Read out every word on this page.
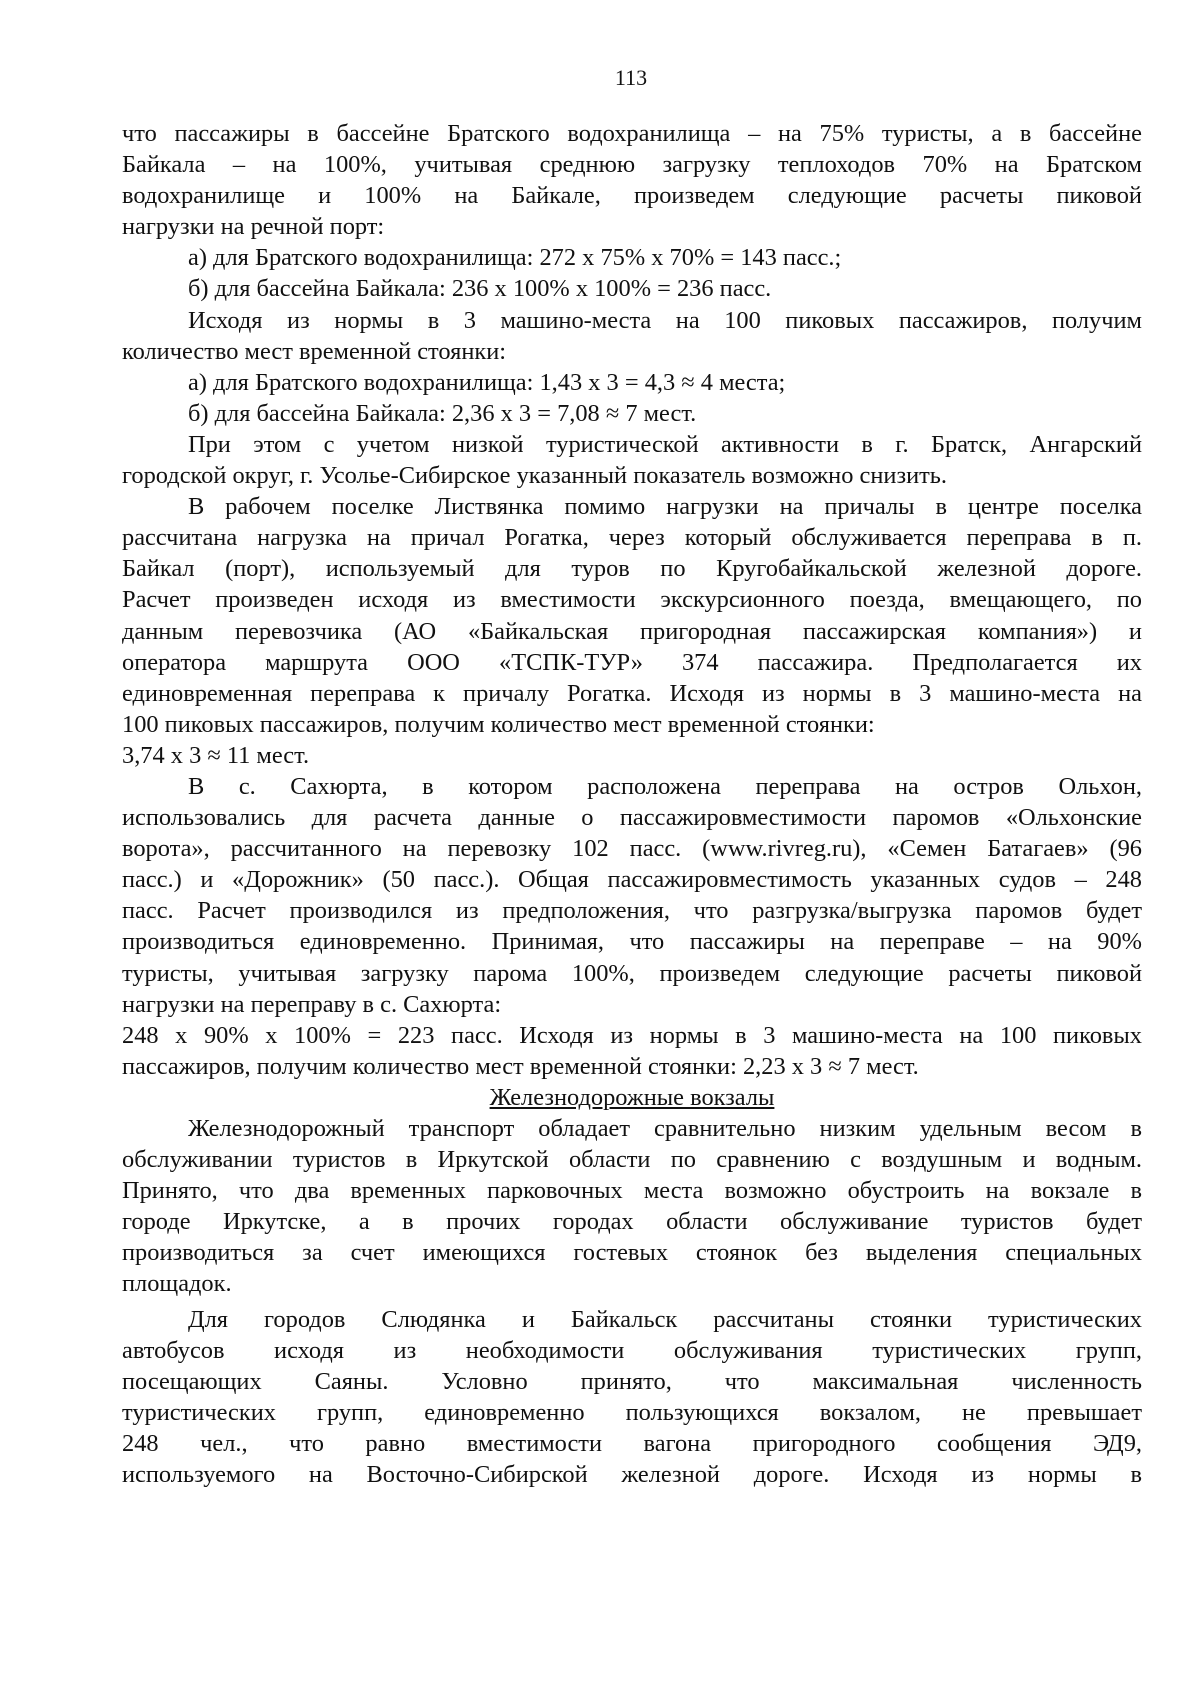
113
что пассажиры в бассейне Братского водохранилища – на 75% туристы, а в бассейне
Байкала – на 100%, учитывая среднюю загрузку теплоходов 70% на Братском
водохранилище и 100% на Байкале, произведем следующие расчеты пиковой
нагрузки на речной порт:
а) для Братского водохранилища: 272 х 75% х 70% = 143 пасс.;
б) для бассейна Байкала: 236 х 100% х 100% = 236 пасс.
Исходя из нормы в 3 машино-места на 100 пиковых пассажиров, получим
количество мест временной стоянки:
а) для Братского водохранилища: 1,43 х 3 = 4,3 ≈ 4 места;
б) для бассейна Байкала: 2,36 х 3 = 7,08 ≈ 7 мест.
При этом с учетом низкой туристической активности в г. Братск, Ангарский
городской округ, г. Усолье-Сибирское указанный показатель возможно снизить.
В рабочем поселке Листвянка помимо нагрузки на причалы в центре поселка
рассчитана нагрузка на причал Рогатка, через который обслуживается переправа в п.
Байкал (порт), используемый для туров по Кругобайкальской железной дороге.
Расчет произведен исходя из вместимости экскурсионного поезда, вмещающего, по
данным перевозчика (АО «Байкальская пригородная пассажирская компания») и
оператора маршрута ООО «ТСПК-ТУР» 374 пассажира. Предполагается их
единовременная переправа к причалу Рогатка. Исходя из нормы в 3 машино-места на
100 пиковых пассажиров, получим количество мест временной стоянки:
3,74 х 3 ≈ 11 мест.
В с. Сахюрта, в котором расположена переправа на остров Ольхон,
использовались для расчета данные о пассажировместимости паромов «Ольхонские
ворота», рассчитанного на перевозку 102 пасс. (www.rivreg.ru), «Семен Батагаев» (96
пасс.) и «Дорожник» (50 пасс.). Общая пассажировместимость указанных судов – 248
пасс. Расчет производился из предположения, что разгрузка/выгрузка паромов будет
производиться единовременно. Принимая, что пассажиры на переправе – на 90%
туристы, учитывая загрузку парома 100%, произведем следующие расчеты пиковой
нагрузки на переправу в с. Сахюрта:
248 х 90% х 100% = 223 пасс. Исходя из нормы в 3 машино-места на 100 пиковых
пассажиров, получим количество мест временной стоянки: 2,23 х 3 ≈ 7 мест.
Железнодорожные вокзалы
Железнодорожный транспорт обладает сравнительно низким удельным весом в
обслуживании туристов в Иркутской области по сравнению с воздушным и водным.
Принято, что два временных парковочных места возможно обустроить на вокзале в
городе Иркутске, а в прочих городах области обслуживание туристов будет
производиться за счет имеющихся гостевых стоянок без выделения специальных
площадок.
Для городов Слюдянка и Байкальск рассчитаны стоянки туристических
автобусов исходя из необходимости обслуживания туристических групп,
посещающих Саяны. Условно принято, что максимальная численность
туристических групп, единовременно пользующихся вокзалом, не превышает
248 чел., что равно вместимости вагона пригородного сообщения ЭД9,
используемого на Восточно-Сибирской железной дороге. Исходя из нормы в
